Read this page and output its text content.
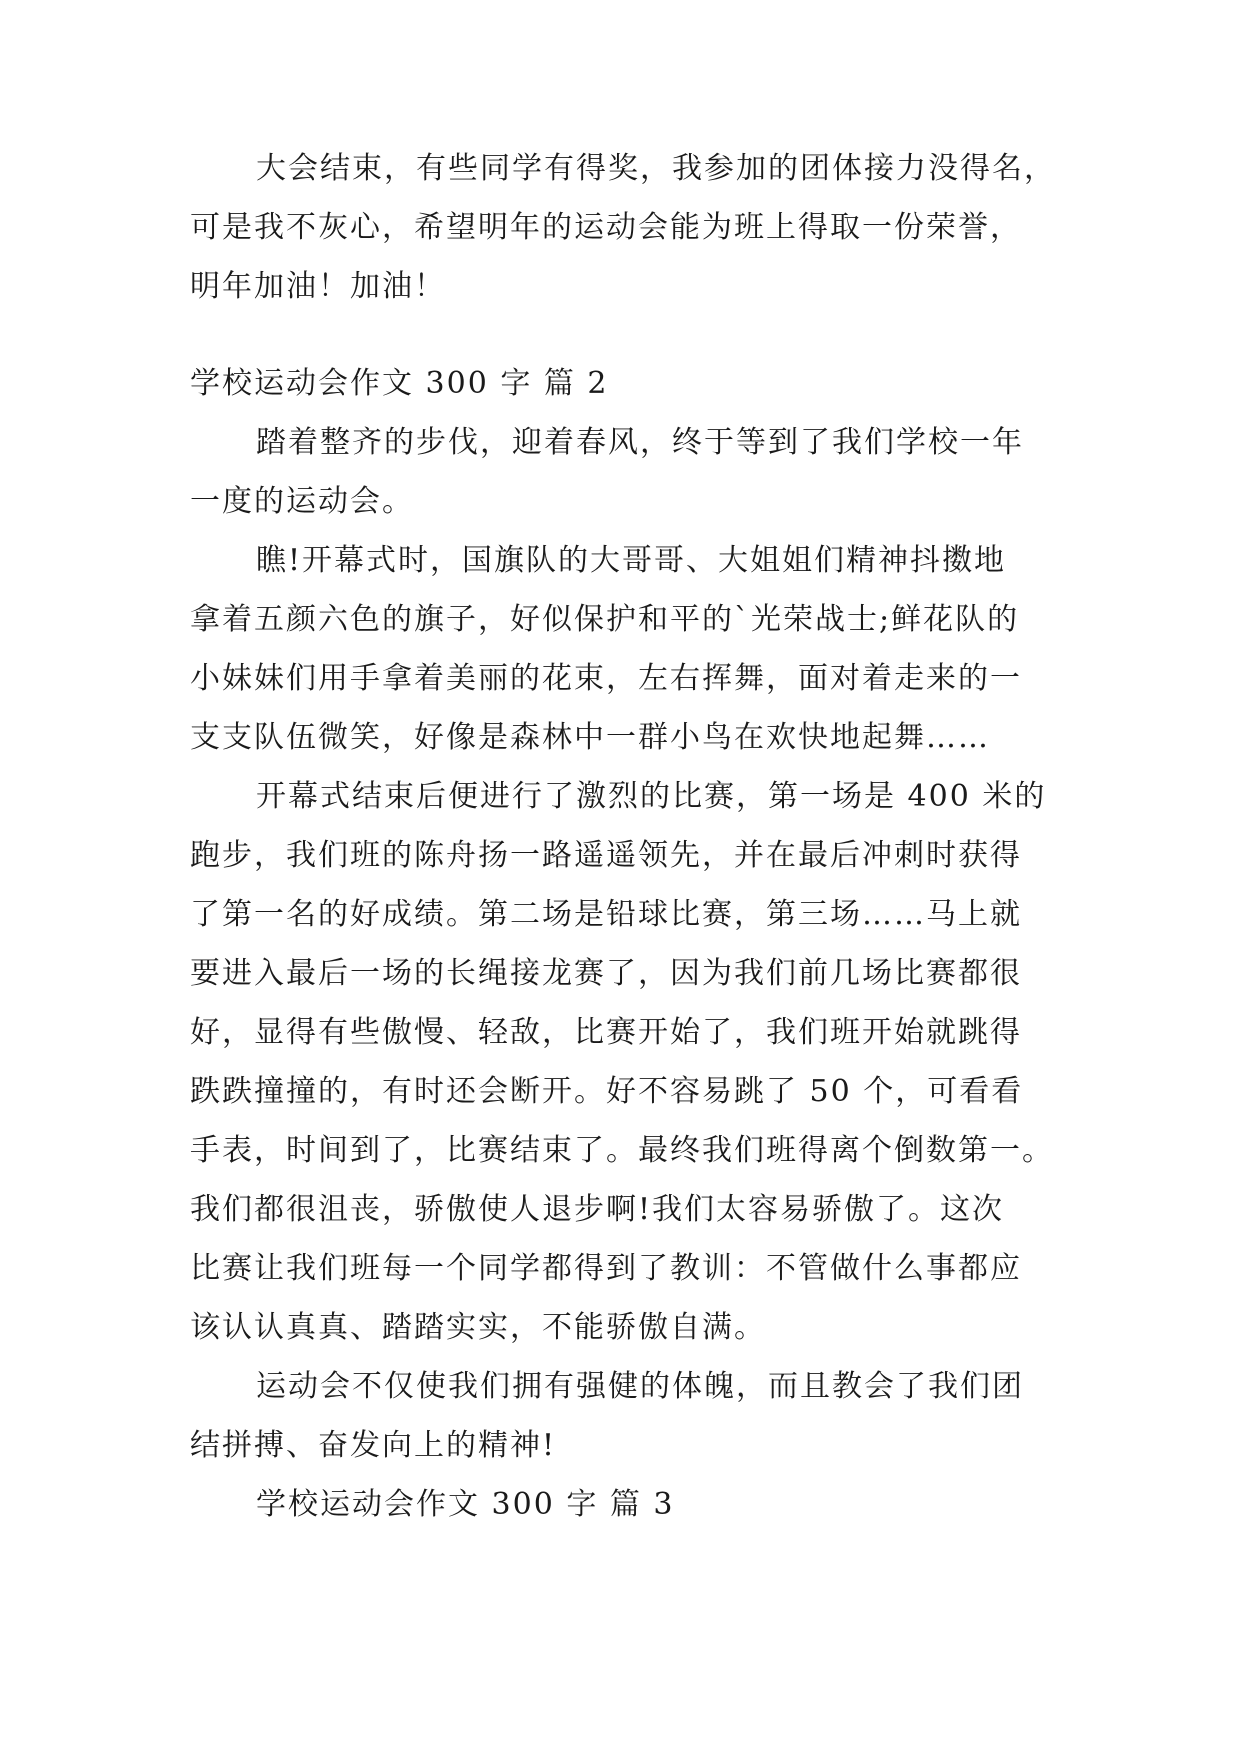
大会结束，有些同学有得奖，我参加的团体接力没得名，
可是我不灰心，希望明年的运动会能为班上得取一份荣誉，
明年加油！加油！
学校运动会作文 300 字 篇 2
踏着整齐的步伐，迎着春风，终于等到了我们学校一年
一度的运动会。
瞧!开幕式时，国旗队的大哥哥、大姐姐们精神抖擞地
拿着五颜六色的旗子，好似保护和平的`光荣战士;鲜花队的
小妹妹们用手拿着美丽的花束，左右挥舞，面对着走来的一
支支队伍微笑，好像是森林中一群小鸟在欢快地起舞……
开幕式结束后便进行了激烈的比赛，第一场是 400 米的
跑步，我们班的陈舟扬一路遥遥领先，并在最后冲刺时获得
了第一名的好成绩。第二场是铅球比赛，第三场……马上就
要进入最后一场的长绳接龙赛了，因为我们前几场比赛都很
好，显得有些傲慢、轻敌，比赛开始了，我们班开始就跳得
跌跌撞撞的，有时还会断开。好不容易跳了 50 个，可看看
手表，时间到了，比赛结束了。最终我们班得离个倒数第一。
我们都很沮丧，骄傲使人退步啊!我们太容易骄傲了。这次
比赛让我们班每一个同学都得到了教训：不管做什么事都应
该认认真真、踏踏实实，不能骄傲自满。
运动会不仅使我们拥有强健的体魄，而且教会了我们团
结拼搏、奋发向上的精神!
学校运动会作文 300 字 篇 3
